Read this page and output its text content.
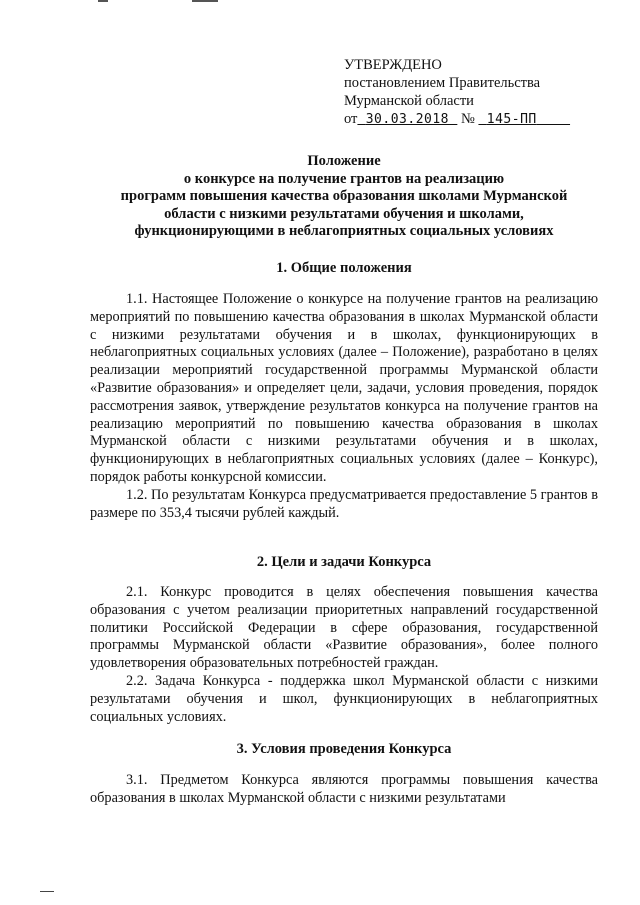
УТВЕРЖДЕНО
постановлением Правительства
Мурманской области
от 30.03.2018 № 145-ПП
Положение
о конкурсе на получение грантов на реализацию
программ повышения качества образования школами Мурманской
области с низкими результатами обучения и школами,
функционирующими в неблагоприятных социальных условиях
1. Общие положения

1.1. Настоящее Положение о конкурсе на получение грантов на реализацию мероприятий по повышению качества образования в школах Мурманской области с низкими результатами обучения и в школах, функционирующих в неблагоприятных социальных условиях (далее – Положение), разработано в целях реализации мероприятий государственной программы Мурманской области «Развитие образования» и определяет цели, задачи, условия проведения, порядок рассмотрения заявок, утверждение результатов конкурса на получение грантов на реализацию мероприятий по повышению качества образования в школах Мурманской области с низкими результатами обучения и в школах, функционирующих в неблагоприятных социальных условиях (далее – Конкурс), порядок работы конкурсной комиссии.

1.2. По результатам Конкурса предусматривается предоставление 5 грантов в размере по 353,4 тысячи рублей каждый.

2. Цели и задачи Конкурса

2.1. Конкурс проводится в целях обеспечения повышения качества образования с учетом реализации приоритетных направлений государственной политики Российской Федерации в сфере образования, государственной программы Мурманской области «Развитие образования», более полного удовлетворения образовательных потребностей граждан.

2.2. Задача Конкурса - поддержка школ Мурманской области с низкими результатами обучения и школ, функционирующих в неблагоприятных социальных условиях.

3. Условия проведения Конкурса

3.1. Предметом Конкурса являются программы повышения качества образования в школах Мурманской области с низкими результатами
